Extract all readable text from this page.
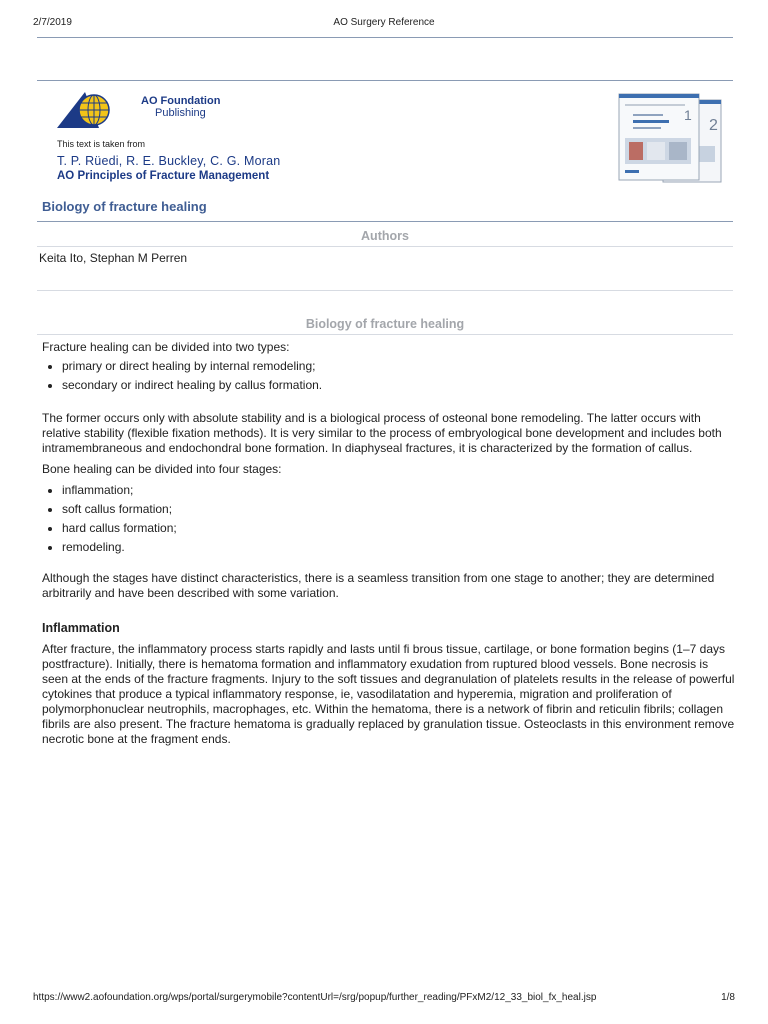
2/7/2019	AO Surgery Reference
AO Foundation
Publishing
This text is taken from
T. P. Rüedi, R. E. Buckley, C. G. Moran
AO Principles of Fracture Management
2
1
Biology of fracture healing
Authors
Keita Ito, Stephan M Perren
Biology of fracture healing

Fracture healing can be divided into two types:

• primary or direct healing by internal remodeling;
• secondary or indirect healing by callus formation.

The former occurs only with absolute stability and is a biological process of osteonal bone remodeling. The latter occurs with relative stability (flexible fixation methods). It is very similar to the process of embryological bone development and includes both intramembraneous and endochondral bone formation. In diaphyseal fractures, it is characterized by the formation of callus.

Bone healing can be divided into four stages:

• inflammation;
• soft callus formation;
• hard callus formation;
• remodeling.

Although the stages have distinct characteristics, there is a seamless transition from one stage to another; they are determined arbitrarily and have been described with some variation.

Inflammation

After fracture, the inflammatory process starts rapidly and lasts until fi brous tissue, cartilage, or bone formation begins (1–7 days postfracture). Initially, there is hematoma formation and inflammatory exudation from ruptured blood vessels. Bone necrosis is seen at the ends of the fracture fragments. Injury to the soft tissues and degranulation of platelets results in the release of powerful cytokines that produce a typical inflammatory response, ie, vasodilatation and hyperemia, migration and proliferation of polymorphonuclear neutrophils, macrophages, etc. Within the hematoma, there is a network of fibrin and reticulin fibrils; collagen fibrils are also present. The fracture hematoma is gradually replaced by granulation tissue. Osteoclasts in this environment remove necrotic bone at the fragment ends.

https://www2.aofoundation.org/wps/portal/surgerymobile?contentUrl=/srg/popup/further_reading/PFxM2/12_33_biol_fx_heal.jsp	1/8
